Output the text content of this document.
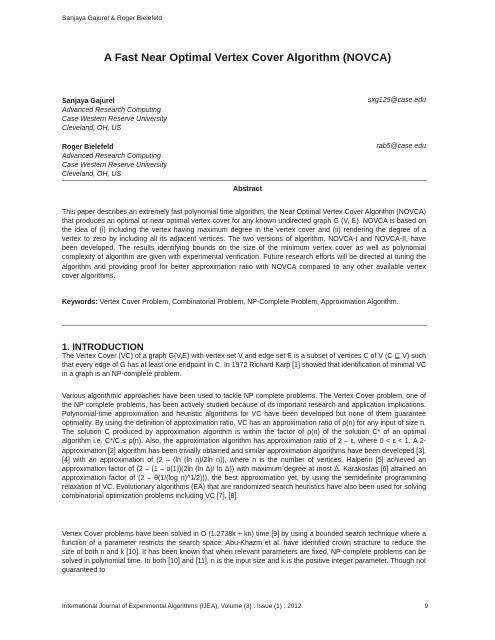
Sanjaya Gajurel & Roger Bielefeld
A Fast Near Optimal Vertex Cover Algorithm (NOVCA)
Sanjaya Gajurel
Advanced Research Computing
Case Western Reserve University
Cleveland, OH, US
sxg125@case.edu
Roger Bielefeld
Advanced Research Computing
Case Western Reserve University
Cleveland, OH, US
rab5@case.edu
Abstract

This paper describes an extremely fast polynomial time algorithm, the Near Optimal Vertex Cover Algorithm (NOVCA) that produces an optimal or near optimal vertex cover for any known undirected graph G (V, E). NOVCA is based on the idea of (i) including the vertex having maximum degree in the vertex cover and (ii) rendering the degree of a vertex to zero by including all its adjacent vertices. The two versions of algorithm, NOVCA-I and NOVCA-II, have been developed. The results identifying bounds on the size of the minimum vertex cover as well as polynomial complexity of algorithm are given with experimental verification. Future research efforts will be directed at tuning the algorithm and providing proof for better approximation ratio with NOVCA compared to any other available vertex cover algorithms.

Keywords: Vertex Cover Problem, Combinatorial Problem, NP-Complete Problem, Approximation Algorithm.

1. INTRODUCTION

The Vertex Cover (VC) of a graph G(V,E) with vertex set V and edge set E is a subset of vertices C of V (C ⊑ V) such that every edge of G has at least one endpoint in C. In 1972 Richard Karp [1] showed that identification of minimal VC in a graph is an NP-complete problem.

Various algorithmic approaches have been used to tackle NP complete problems. The Vertex Cover problem, one of the NP complete problems, has been actively studied because of its important research and application implications. Polynomial-time approximation and heuristic algorithms for VC have been developed but none of them guarantee optimality. By using the definition of approximation ratio, VC has an approximation ratio of ρ(n) for any input of size n. The solution C produced by approximation algorithm is within the factor of ρ(n) of the solution C* of an optimal algorithm i.e. C*/C ≤ ρ(n). Also, the approximation algorithm has approximation ratio of 2 – ε, where 0 < ε < 1. A 2-approximation [2] algorithm has been trivially obtained and similar approximation algorithms have been developed [3], [4] with an approximation of (2 – (ln (ln n)/2ln n)), where n is the number of vertices. Halperin [5] achieved an approximation factor of (2 – (1 – o(1))(2ln (ln Δ)/ ln Δ)) with maximum degree at most Δ. Karakostas [6] attained an approximation factor of (2 – θ(1/(log n)^1/2))), the best approximation yet, by using the semidefinite programming relaxation of VC. Evolutionary algorithms (EA) that are randomized search heuristics have also been used for solving combinatorial optimization problems including VC [7], [8].

Vertex Cover problems have been solved in O (1.2738k + kn) time [9] by using a bounded search technique where a function of a parameter restricts the search space. Abu-Khazm et al. have identified crown structure to reduce the size of both n and k [10]. It has been known that when relevant parameters are fixed, NP-complete problems can be solved in polynomial time. In both [10] and [11], n is the input size and k is the positive integer parameter. Though not guaranteed to

International Journal of Experimental Algorithms (IJEA), Volume (3) : Issue (1) : 2012	9
